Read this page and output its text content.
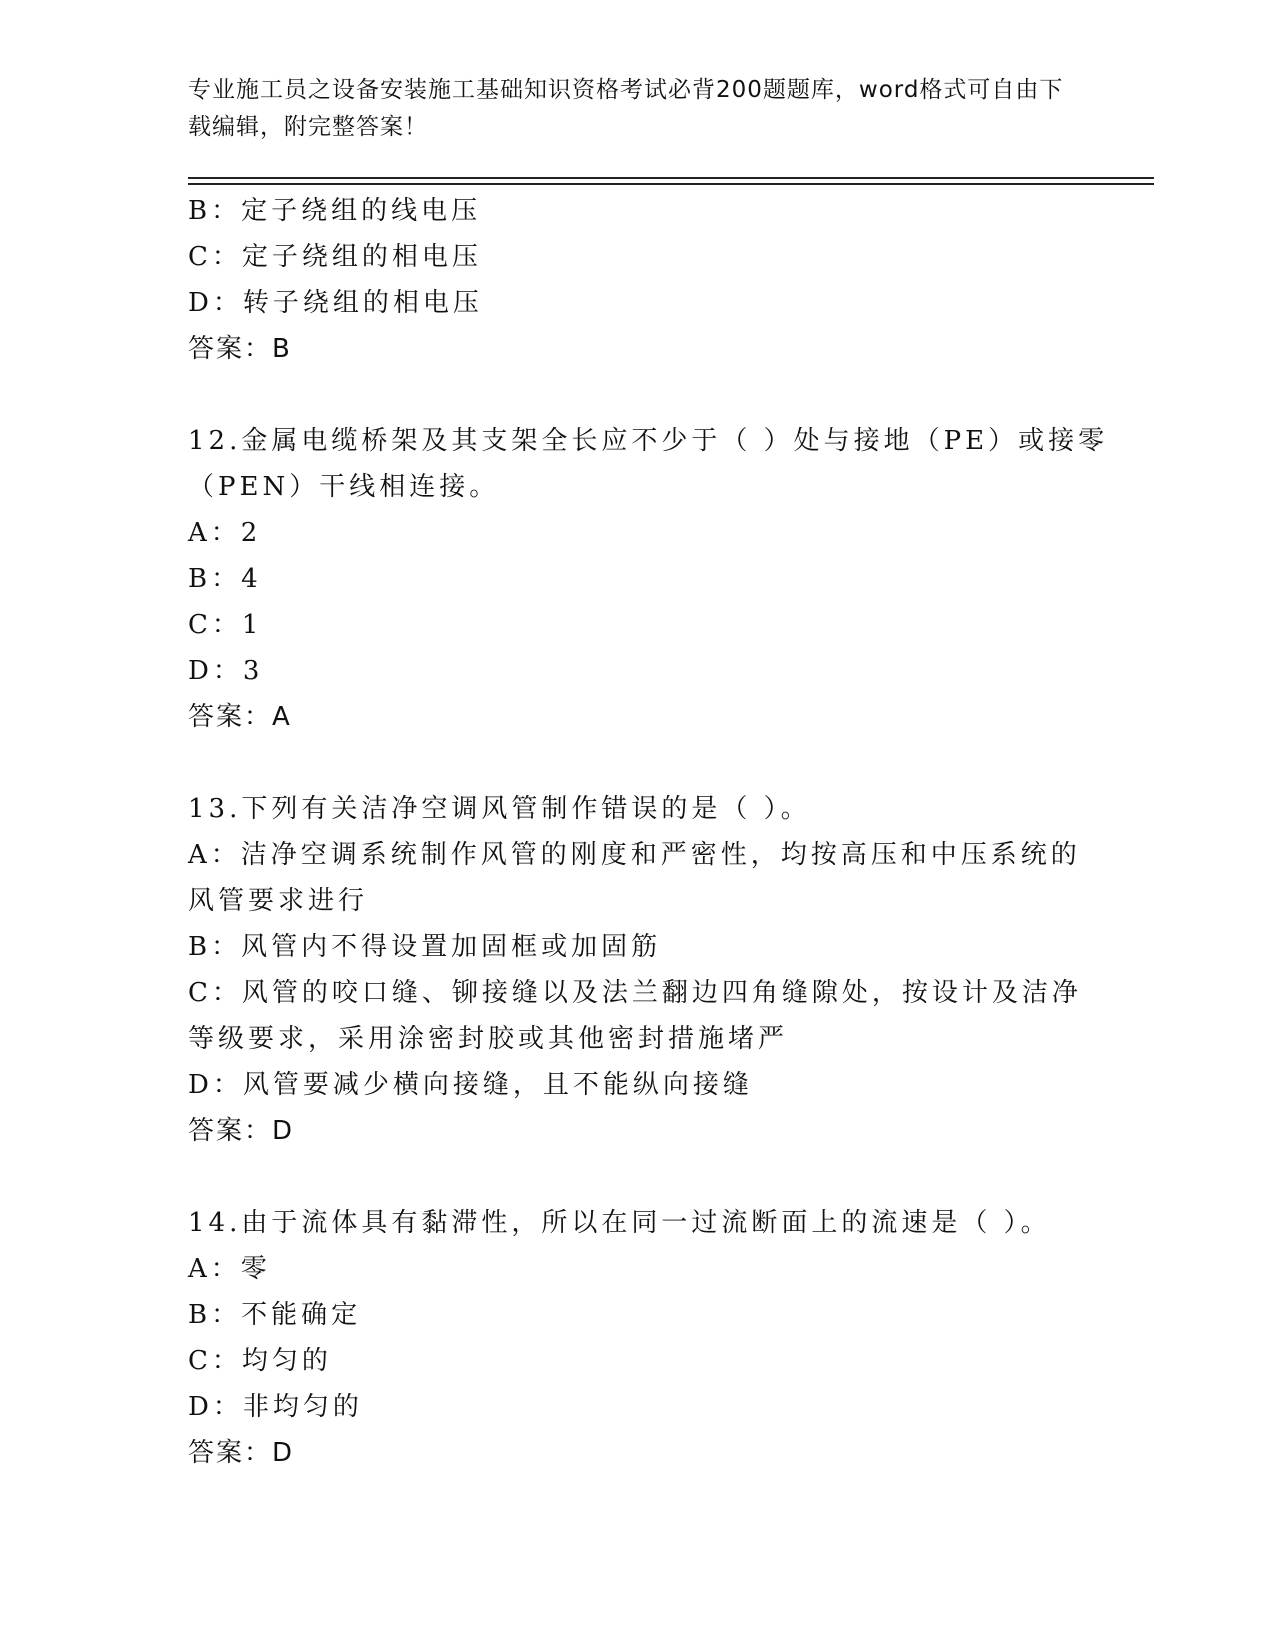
专业施工员之设备安装施工基础知识资格考试必背200题题库，word格式可自由下载编辑，附完整答案！
B：定子绕组的线电压
C：定子绕组的相电压
D：转子绕组的相电压
答案：B
12.金属电缆桥架及其支架全长应不少于（ ）处与接地（PE）或接零
（PEN）干线相连接。
A：2
B：4
C：1
D：3
答案：A
13.下列有关洁净空调风管制作错误的是（ ）。
A：洁净空调系统制作风管的刚度和严密性，均按高压和中压系统的风管要求进行
B：风管内不得设置加固框或加固筋
C：风管的咬口缝、铆接缝以及法兰翻边四角缝隙处，按设计及洁净等级要求，采用涂密封胶或其他密封措施堵严
D：风管要减少横向接缝，且不能纵向接缝
答案：D
14.由于流体具有黏滞性，所以在同一过流断面上的流速是（ ）。
A：零
B：不能确定
C：均匀的
D：非均匀的
答案：D
